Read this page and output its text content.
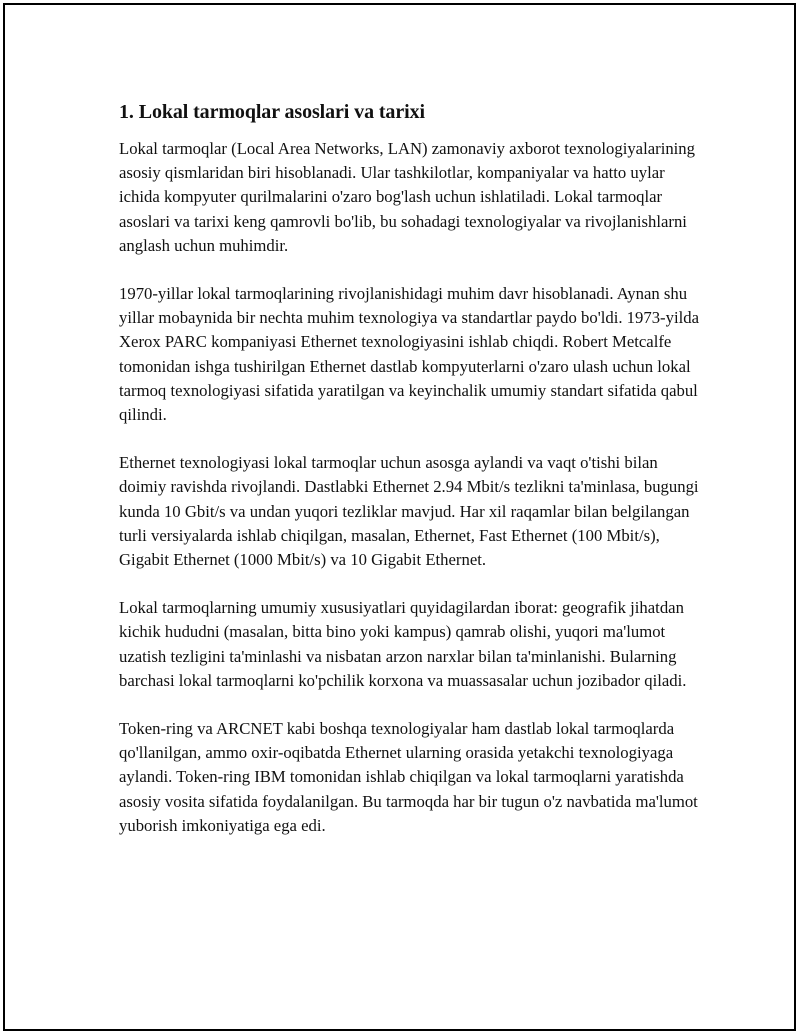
1. Lokal tarmoqlar asoslari va tarixi

Lokal tarmoqlar (Local Area Networks, LAN) zamonaviy axborot texnologiyalarining asosiy qismlaridan biri hisoblanadi. Ular tashkilotlar, kompaniyalar va hatto uylar ichida kompyuter qurilmalarini o'zaro bog'lash uchun ishlatiladi. Lokal tarmoqlar asoslari va tarixi keng qamrovli bo'lib, bu sohadagi texnologiyalar va rivojlanishlarni anglash uchun muhimdir.

1970-yillar lokal tarmoqlarining rivojlanishidagi muhim davr hisoblanadi. Aynan shu yillar mobaynida bir nechta muhim texnologiya va standartlar paydo bo'ldi. 1973-yilda Xerox PARC kompaniyasi Ethernet texnologiyasini ishlab chiqdi. Robert Metcalfe tomonidan ishga tushirilgan Ethernet dastlab kompyuterlarni o'zaro ulash uchun lokal tarmoq texnologiyasi sifatida yaratilgan va keyinchalik umumiy standart sifatida qabul qilindi.

Ethernet texnologiyasi lokal tarmoqlar uchun asosga aylandi va vaqt o'tishi bilan doimiy ravishda rivojlandi. Dastlabki Ethernet 2.94 Mbit/s tezlikni ta'minlasa, bugungi kunda 10 Gbit/s va undan yuqori tezliklar mavjud. Har xil raqamlar bilan belgilangan turli versiyalarda ishlab chiqilgan, masalan, Ethernet, Fast Ethernet (100 Mbit/s), Gigabit Ethernet (1000 Mbit/s) va 10 Gigabit Ethernet.

Lokal tarmoqlarning umumiy xususiyatlari quyidagilardan iborat: geografik jihatdan kichik hududni (masalan, bitta bino yoki kampus) qamrab olishi, yuqori ma'lumot uzatish tezligini ta'minlashi va nisbatan arzon narxlar bilan ta'minlanishi. Bularning barchasi lokal tarmoqlarni ko'pchilik korxona va muassasalar uchun jozibador qiladi.

Token-ring va ARCNET kabi boshqa texnologiyalar ham dastlab lokal tarmoqlarda qo'llanilgan, ammo oxir-oqibatda Ethernet ularning orasida yetakchi texnologiyaga aylandi. Token-ring IBM tomonidan ishlab chiqilgan va lokal tarmoqlarni yaratishda asosiy vosita sifatida foydalanilgan. Bu tarmoqda har bir tugun o'z navbatida ma'lumot yuborish imkoniyatiga ega edi.
